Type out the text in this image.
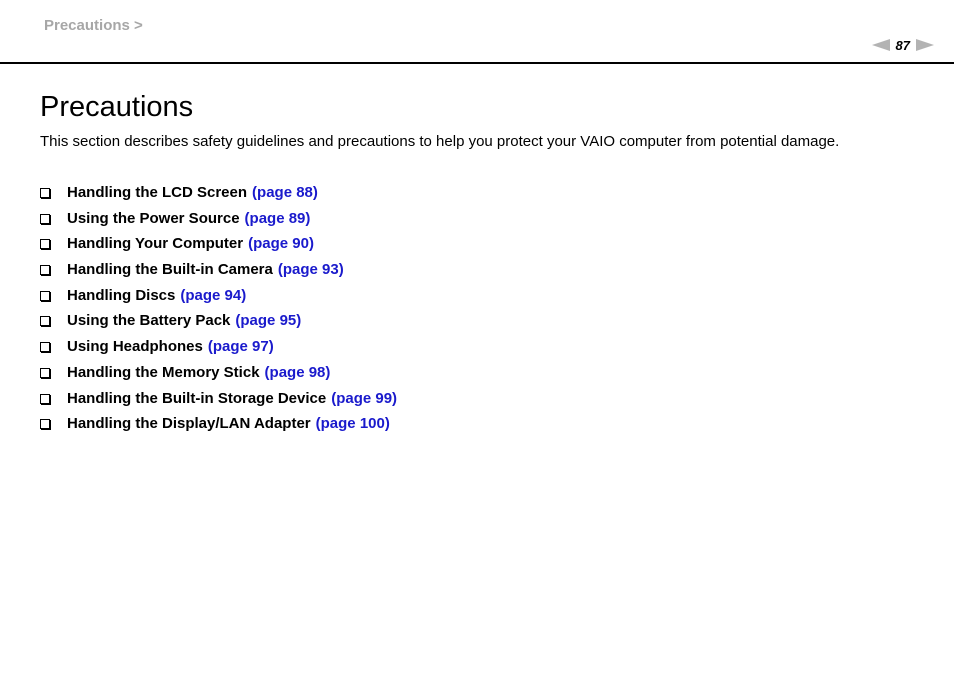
Precautions >
87
Precautions

This section describes safety guidelines and precautions to help you protect your VAIO computer from potential damage.

Handling the LCD Screen (page 88)
Using the Power Source (page 89)
Handling Your Computer (page 90)
Handling the Built-in Camera (page 93)
Handling Discs (page 94)
Using the Battery Pack (page 95)
Using Headphones (page 97)
Handling the Memory Stick (page 98)
Handling the Built-in Storage Device (page 99)
Handling the Display/LAN Adapter (page 100)
